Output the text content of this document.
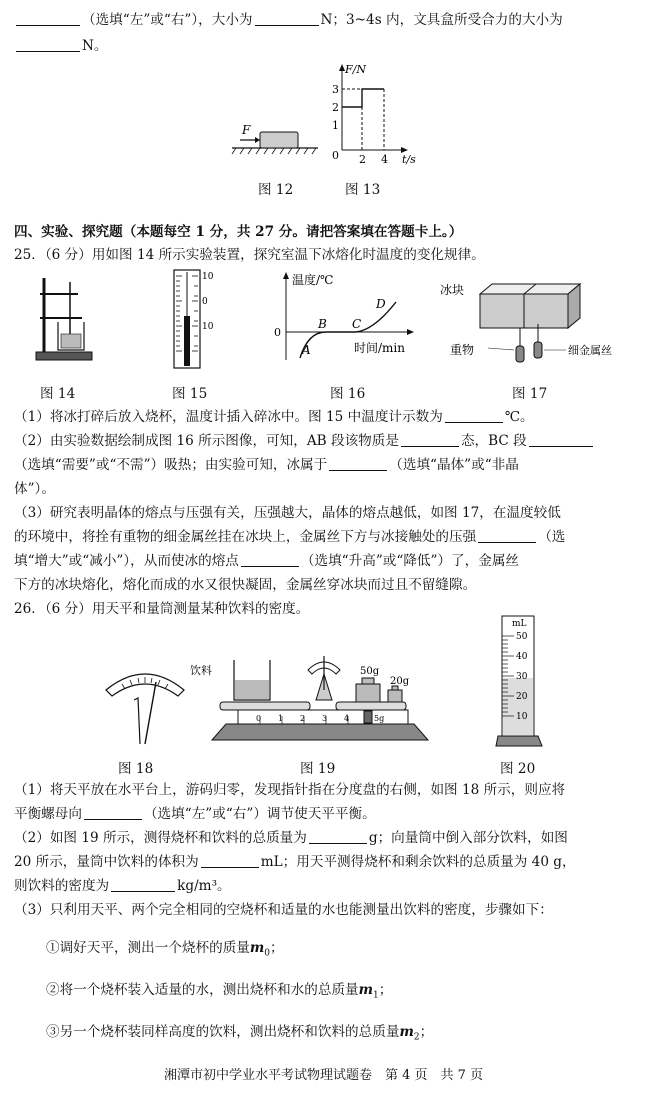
（选填“左”或“右”），大小为	N；3~4s 内，文具盒所受合力的大小为
N。
F
图 12
F/N
t/s
3
2
1
0 2 4
图 13
四、实验、探究题（本题每空 1 分，共 27 分。请把答案填在答题卡上。）
25．（6 分）用如图 14 所示实验装置，探究室温下冰熔化时温度的变化规律。
图 14
10
0
10
图 15
温度/℃
时间/min
0
A
B C
D
图 16
冰块
重物	细金属丝
图 17
（1）将冰打碎后放入烧杯，温度计插入碎冰中。图 15 中温度计示数为	℃。
（2）由实验数据绘制成图 16 所示图像，可知，AB 段该物质是	态，BC 段
（选填“需要”或“不需”）吸热；由实验可知，冰属于	（选填“晶体”或“非晶
体”）。
（3）研究表明晶体的熔点与压强有关，压强越大，晶体的熔点越低，如图 17，在温度较低
的环境中，将拴有重物的细金属丝挂在冰块上，金属丝下方与冰接触处的压强	（选
填“增大”或“减小”），从而使冰的熔点	（选填“升高”或“降低”）了，金属丝
下方的冰块熔化，熔化而成的水又很快凝固，金属丝穿冰块而过且不留缝隙。
26．（6 分）用天平和量筒测量某种饮料的密度。
图 18
饮料	50g
20g
0 1 2 3 4	5g
图 19
mL
50
40
30
20
10
图 20
（1）将天平放在水平台上，游码归零，发现指针指在分度盘的右侧，如图 18 所示，则应将
平衡螺母向	（选填“左”或“右”）调节使天平平衡。
（2）如图 19 所示，测得烧杯和饮料的总质量为	g；向量筒中倒入部分饮料，如图
20 所示，量筒中饮料的体积为	mL；用天平测得烧杯和剩余饮料的总质量为 40 g，
则饮料的密度为	kg/m³。
（3）只利用天平、两个完全相同的空烧杯和适量的水也能测量出饮料的密度，步骤如下：
①调好天平，测出一个烧杯的质量$m_0$；
②将一个烧杯装入适量的水，测出烧杯和水的总质量$m_1$；
③另一个烧杯装同样高度的饮料，测出烧杯和饮料的总质量$m_2$；
湘潭市初中学业水平考试物理试题卷　第 4 页　共 7 页
